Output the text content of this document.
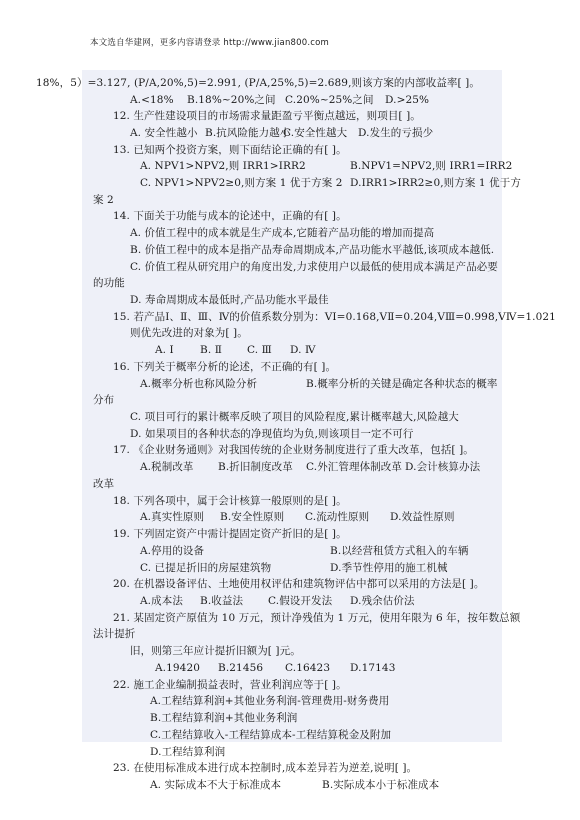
本文选自华建网，更多内容请登录 http://www.jian800.com
18%，5）=3.127, (P/A,20%,5)=2.991, (P/A,25%,5)=2.689,则该方案的内部收益率[ ]。
A.<18% B.18%~20%之间 C.20%~25%之间 D.>25%
12. 生产性建设项目的市场需求量距盈亏平衡点越远，则项目[ ]。
A. 安全性越小 B.抗风险能力越小
C.安全性越大 D.发生的亏损少
13. 已知两个投资方案，则下面结论正确的有[ ]。
A. NPV1>NPV2,则 IRR1>IRR2	B.NPV1=NPV2,则 IRR1=IRR2
C. NPV1>NPV2≥0,则方案 1 优于方案 2 D.IRR1>IRR2≥0,则方案 1 优于方
案 2
14. 下面关于功能与成本的论述中，正确的有[ ]。
A. 价值工程中的成本就是生产成本,它随着产品功能的增加而提高
B. 价值工程中的成本是指产品寿命周期成本,产品功能水平越低,该项成本越低.
C. 价值工程从研究用户的角度出发,力求使用户以最低的使用成本满足产品必要
的功能
D. 寿命周期成本最低时,产品功能水平最佳
15. 若产品Ⅰ、Ⅱ、Ⅲ、Ⅳ的价值系数分别为：VI=0.168,VⅡ=0.204,VⅢ=0.998,VⅣ=1.021
则优先改进的对象为[ ]。
A. Ⅰ B. Ⅱ C. Ⅲ D. Ⅳ
16. 下列关于概率分析的论述，不正确的有[ ]。
A.概率分析也称风险分析	B.概率分析的关键是确定各种状态的概率
分布
C. 项目可行的累计概率反映了项目的风险程度,累计概率越大,风险越大
D. 如果项目的各种状态的净现值均为负,则该项目一定不可行
17. 《企业财务通则》对我国传统的企业财务制度进行了重大改革，包括[ ]。
A.税制改革 B.折旧制度改革 C.外汇管理体制改革 D.会计核算办法
改革
18. 下列各项中，属于会计核算一般原则的是[ ]。
A.真实性原则 B.安全性原则 C.流动性原则 D.效益性原则
19. 下列固定资产中需计提固定资产折旧的是[ ]。
A.停用的设备	B.以经营租赁方式租入的车辆
C. 已提足折旧的房屋建筑物	D.季节性停用的施工机械
20. 在机器设备评估、土地使用权评估和建筑物评估中都可以采用的方法是[ ]。
A.成本法 B.收益法 C.假设开发法 D.残余估价法
21. 某固定资产原值为 10 万元，预计净残值为 1 万元，使用年限为 6 年，按年数总额
法计提折
旧，则第三年应计提折旧额为[ ]元。
A.19420 B.21456 C.16423 D.17143
22. 施工企业编制损益表时，营业利润应等于[ ]。
A.工程结算利润+其他业务利润-管理费用-财务费用
B.工程结算利润+其他业务利润
C.工程结算收入-工程结算成本-工程结算税金及附加
D.工程结算利润
23. 在使用标准成本进行成本控制时,成本差异若为逆差,说明[ ]。
A. 实际成本不大于标准成本	B.实际成本小于标准成本
